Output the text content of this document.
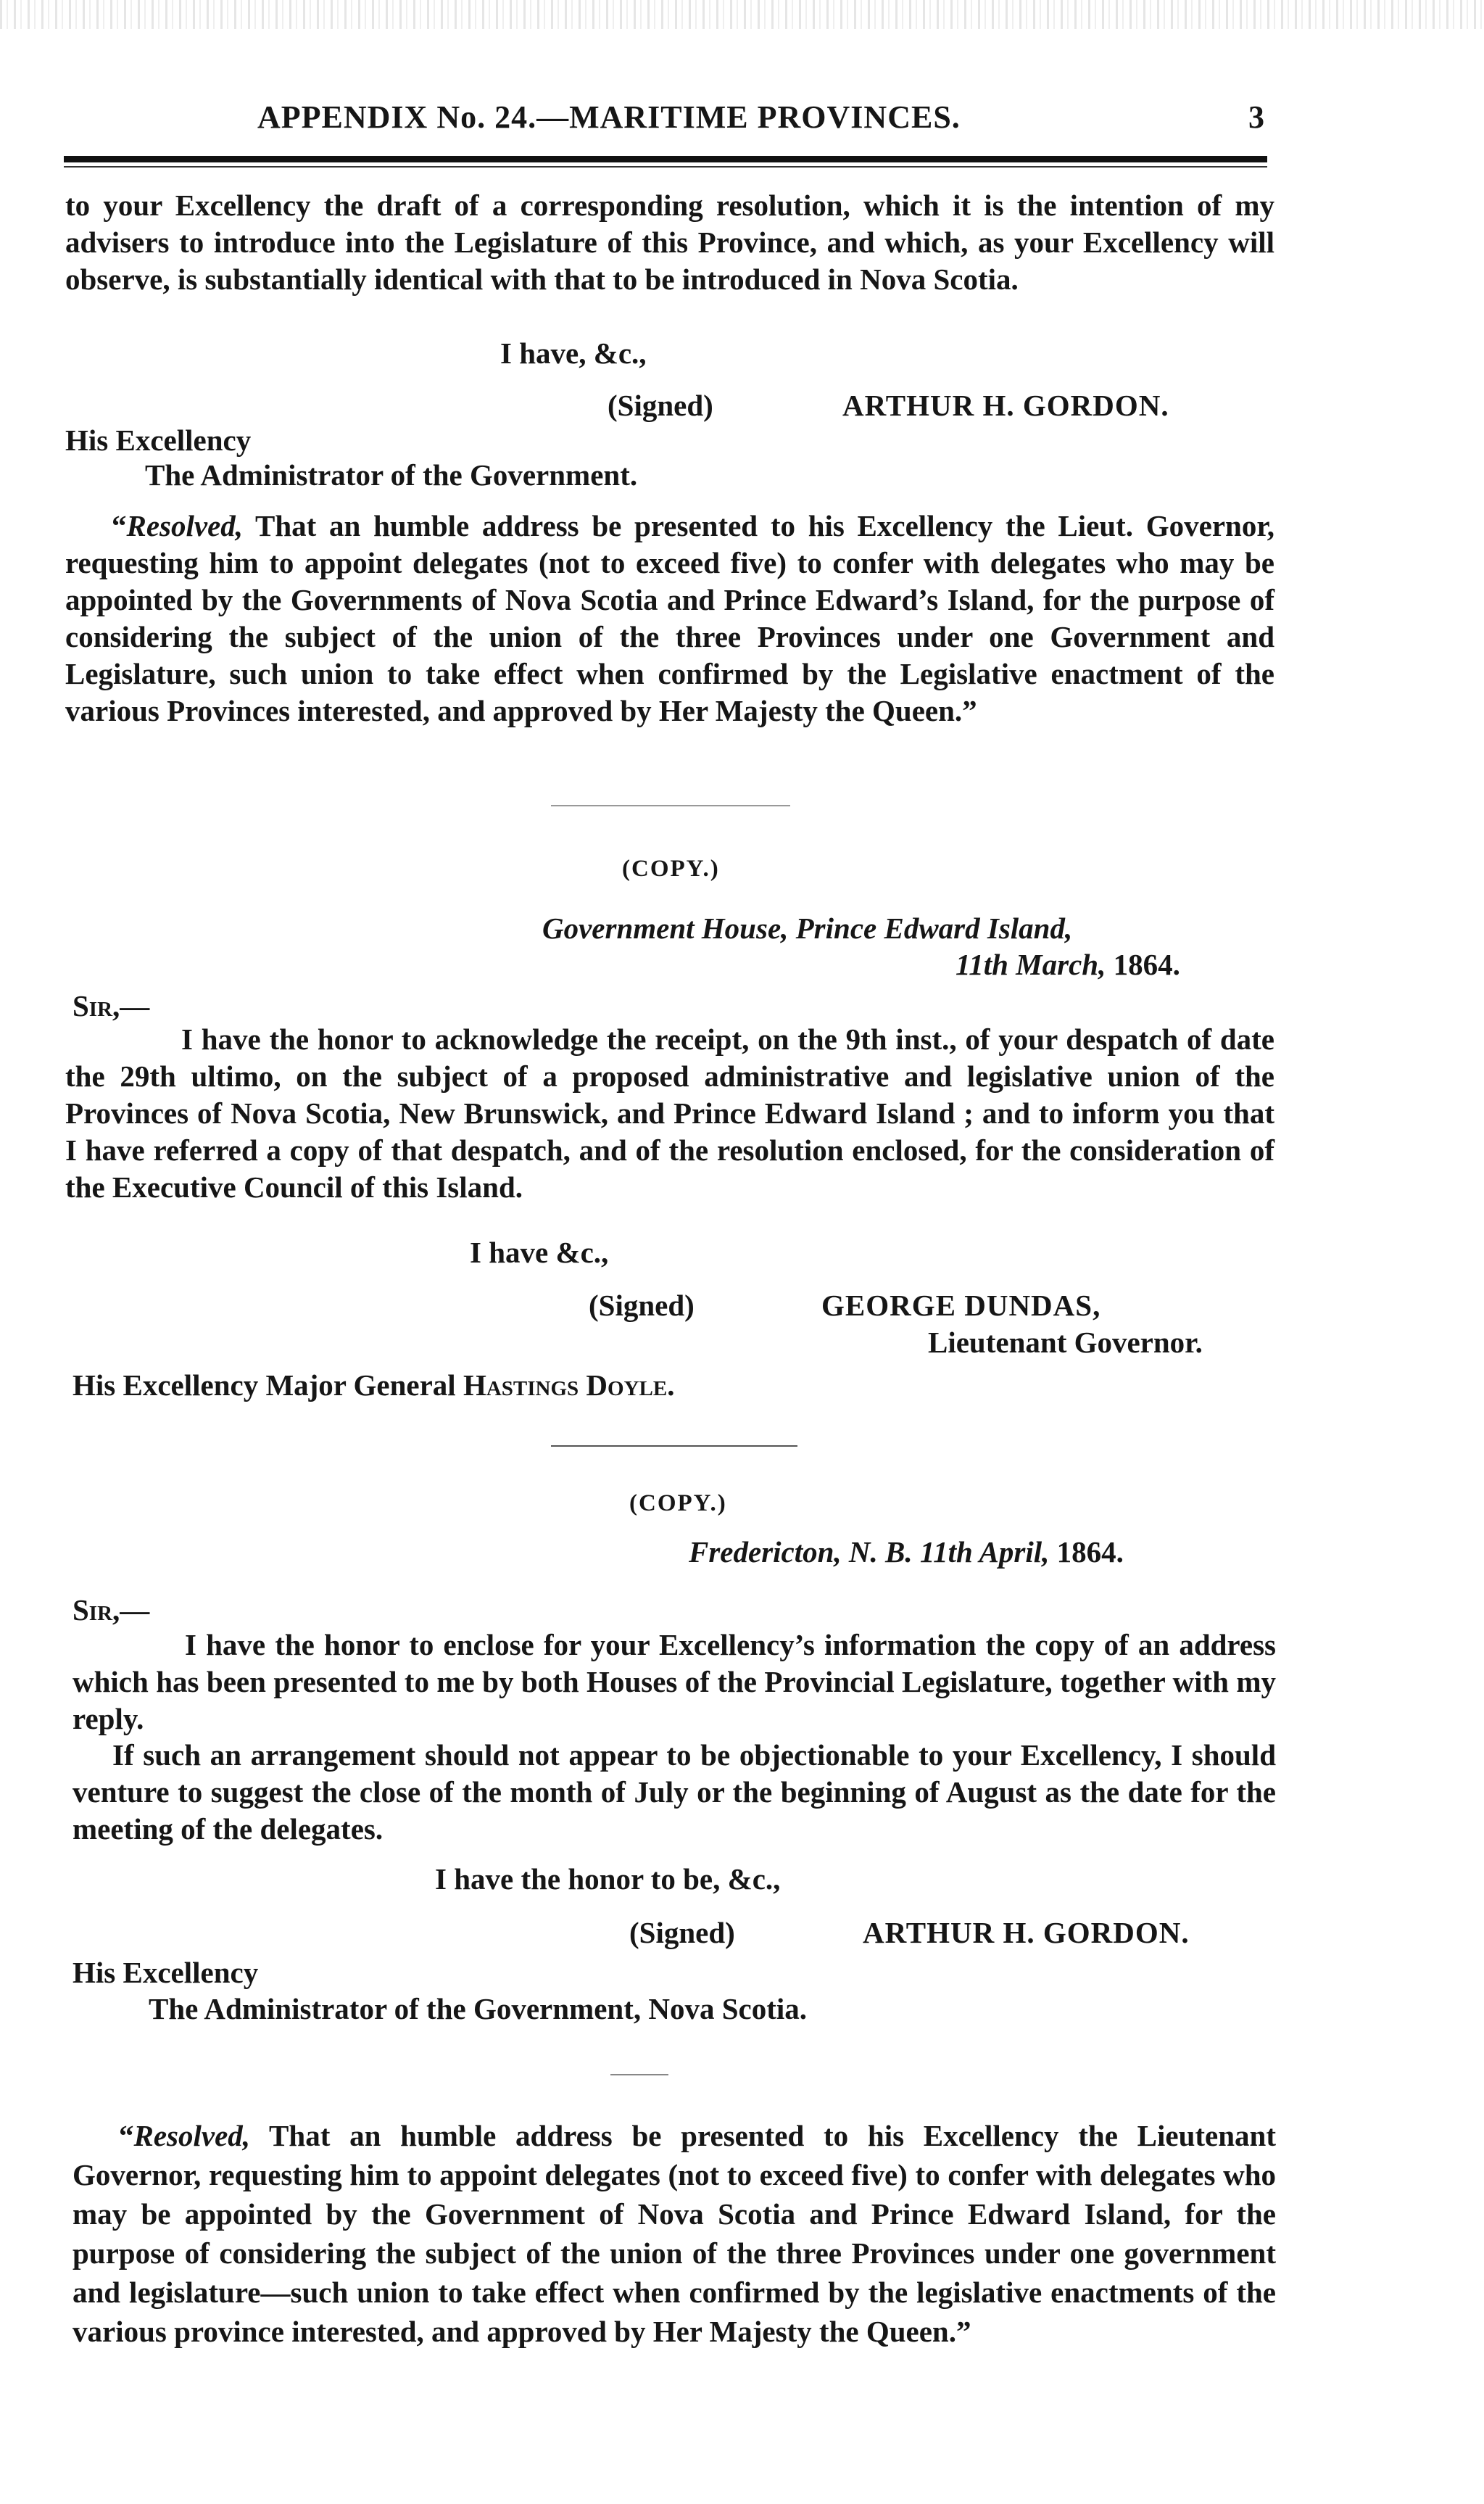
APPENDIX No. 24.—MARITIME PROVINCES.	3
to your Excellency the draft of a corresponding resolution, which it is the intention of my advisers to introduce into the Legislature of this Province, and which, as your Excellency will observe, is substantially identical with that to be introduced in Nova Scotia.
I have, &c.,
(Signed)	ARTHUR H. GORDON.
His Excellency
The Administrator of the Government.
“Resolved, That an humble address be presented to his Excellency the Lieut. Governor, requesting him to appoint delegates (not to exceed five) to confer with delegates who may be appointed by the Governments of Nova Scotia and Prince Edward’s Island, for the purpose of considering the subject of the union of the three Provinces under one Government and Legislature, such union to take effect when confirmed by the Legislative enactment of the various Provinces interested, and approved by Her Majesty the Queen.”
(COPY.)
Government House, Prince Edward Island,
11th March, 1864.
Sir,—
I have the honor to acknowledge the receipt, on the 9th inst., of your despatch of date the 29th ultimo, on the subject of a proposed administrative and legislative union of the Provinces of Nova Scotia, New Brunswick, and Prince Edward Island ; and to inform you that I have referred a copy of that despatch, and of the resolution enclosed, for the consideration of the Executive Council of this Island.
I have &c.,
(Signed)	GEORGE DUNDAS,
Lieutenant Governor.
His Excellency Major General Hastings Doyle.
(COPY.)
Fredericton, N. B. 11th April, 1864.
Sir,—
I have the honor to enclose for your Excellency’s information the copy of an address which has been presented to me by both Houses of the Provincial Legislature, together with my reply.
If such an arrangement should not appear to be objectionable to your Excellency, I should venture to suggest the close of the month of July or the beginning of August as the date for the meeting of the delegates.
I have the honor to be, &c.,
(Signed)	ARTHUR H. GORDON.
His Excellency
The Administrator of the Government, Nova Scotia.
“Resolved, That an humble address be presented to his Excellency the Lieutenant Governor, requesting him to appoint delegates (not to exceed five) to confer with delegates who may be appointed by the Government of Nova Scotia and Prince Edward Island, for the purpose of considering the subject of the union of the three Provinces under one government and legislature—such union to take effect when confirmed by the legislative enactments of the various province interested, and approved by Her Majesty the Queen.”
